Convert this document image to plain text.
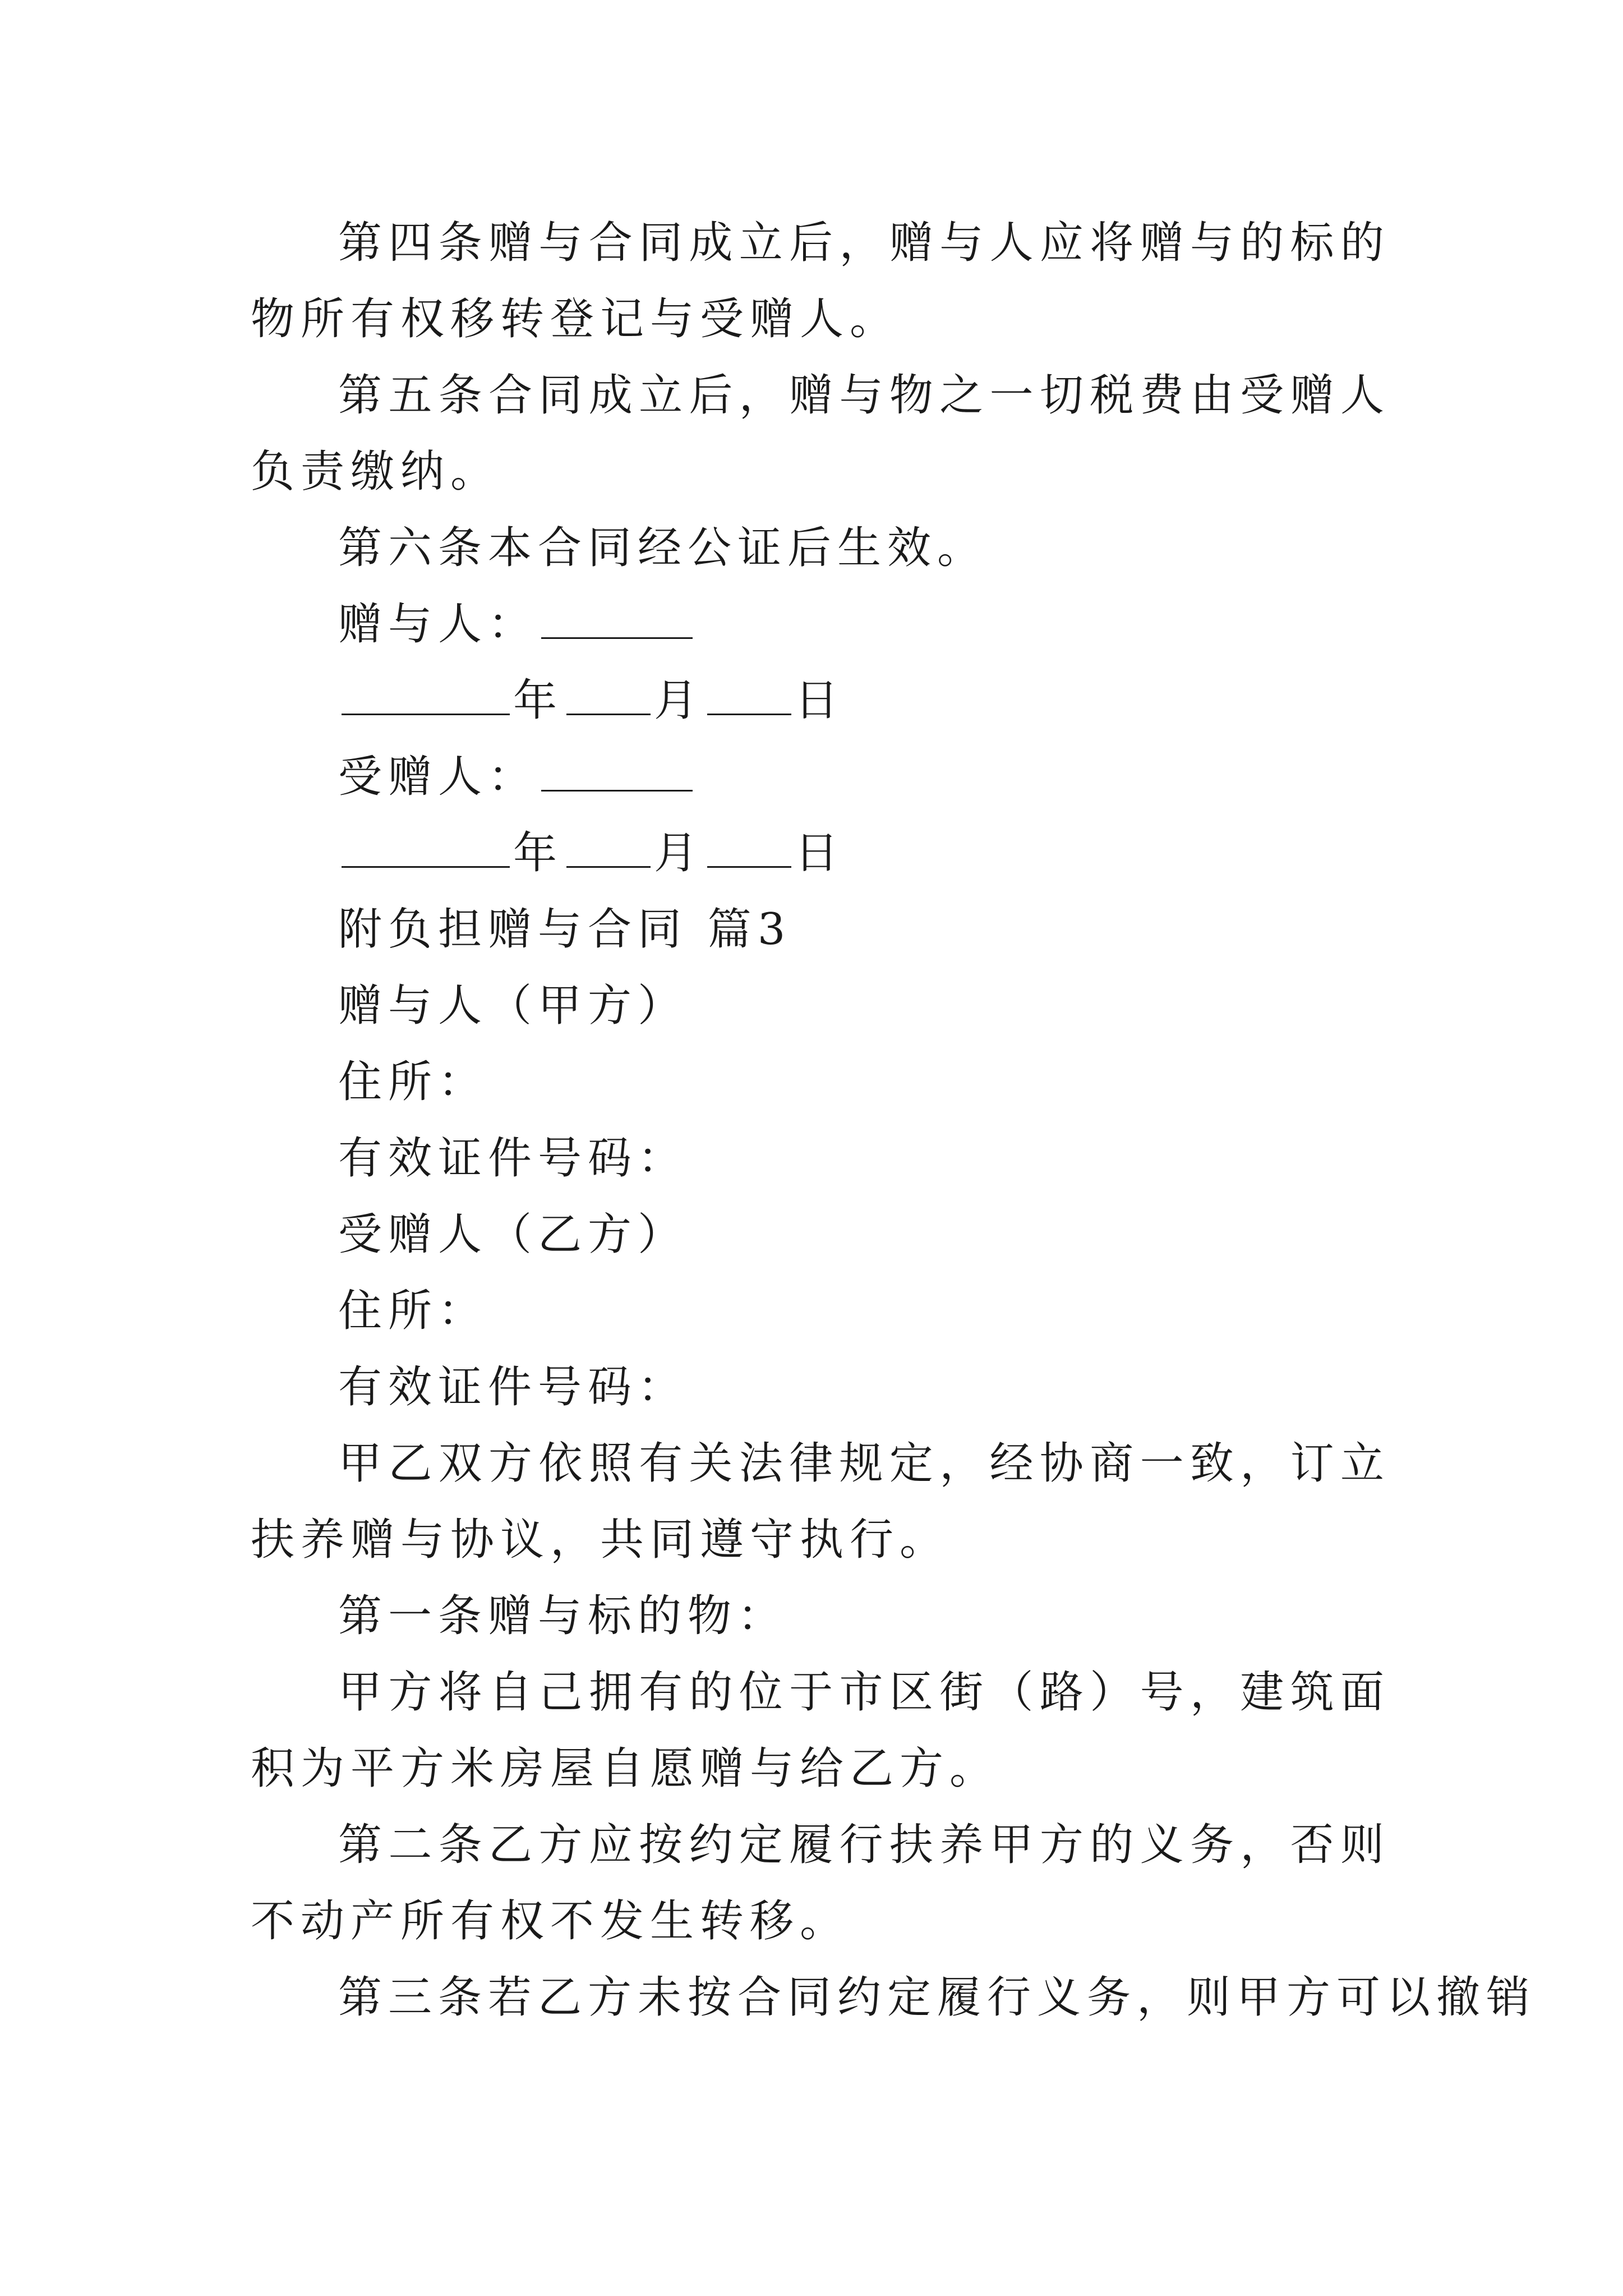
第四条赠与合同成立后，赠与人应将赠与的标的物所有权移转登记与受赠人。

第五条合同成立后，赠与物之一切税费由受赠人负责缴纳。

第六条本合同经公证后生效。

赠与人：

年 月 日

受赠人：

年 月 日

附负担赠与合同 篇3

赠与人（甲方）

住所：

有效证件号码：

受赠人（乙方）

住所：

有效证件号码：

甲乙双方依照有关法律规定，经协商一致，订立扶养赠与协议，共同遵守执行。

第一条赠与标的物：

甲方将自己拥有的位于市区街（路）号，建筑面积为平方米房屋自愿赠与给乙方。

第二条乙方应按约定履行扶养甲方的义务，否则不动产所有权不发生转移。

第三条若乙方未按合同约定履行义务，则甲方可以撤销
